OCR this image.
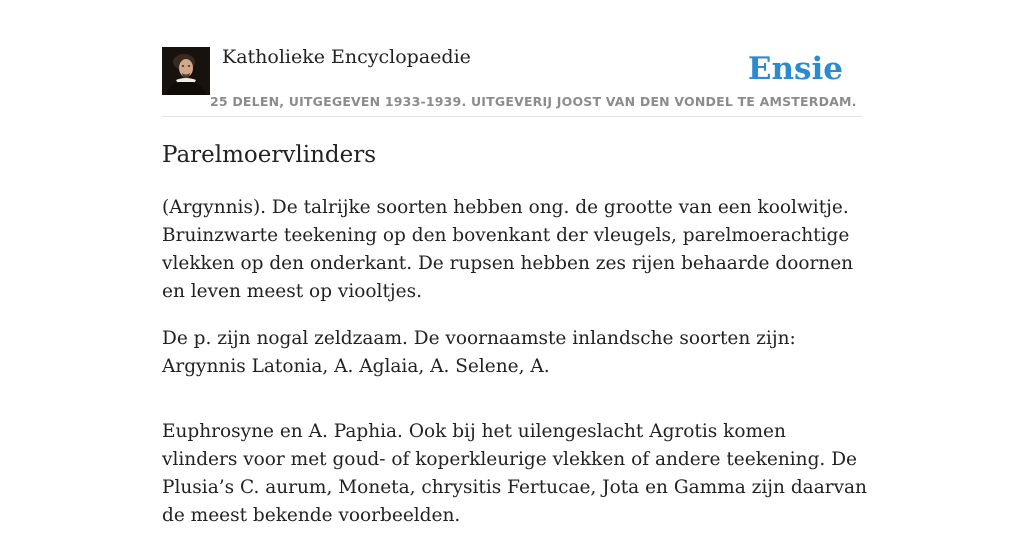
Katholieke Encyclopaedie
25 DELEN, UITGEGEVEN 1933-1939. UITGEVERIJ JOOST VAN DEN VONDEL TE AMSTERDAM.
Ensie
Parelmoervlinders

(Argynnis). De talrijke soorten hebben ong. de grootte van een koolwitje. Bruinzwarte teekening op den bovenkant der vleugels, parelmoerachtige vlekken op den onderkant. De rupsen hebben zes rijen behaarde doornen en leven meest op viooltjes.

De p. zijn nogal zeldzaam. De voornaamste inlandsche soorten zijn: Argynnis Latonia, A. Aglaia, A. Selene, A.

Euphrosyne en A. Paphia. Ook bij het uilengeslacht Agrotis komen vlinders voor met goud- of koperkleurige vlekken of andere teekening. De Plusia’s C. aurum, Moneta, chrysitis Fertucae, Jota en Gamma zijn daarvan de meest bekende voorbeelden.
